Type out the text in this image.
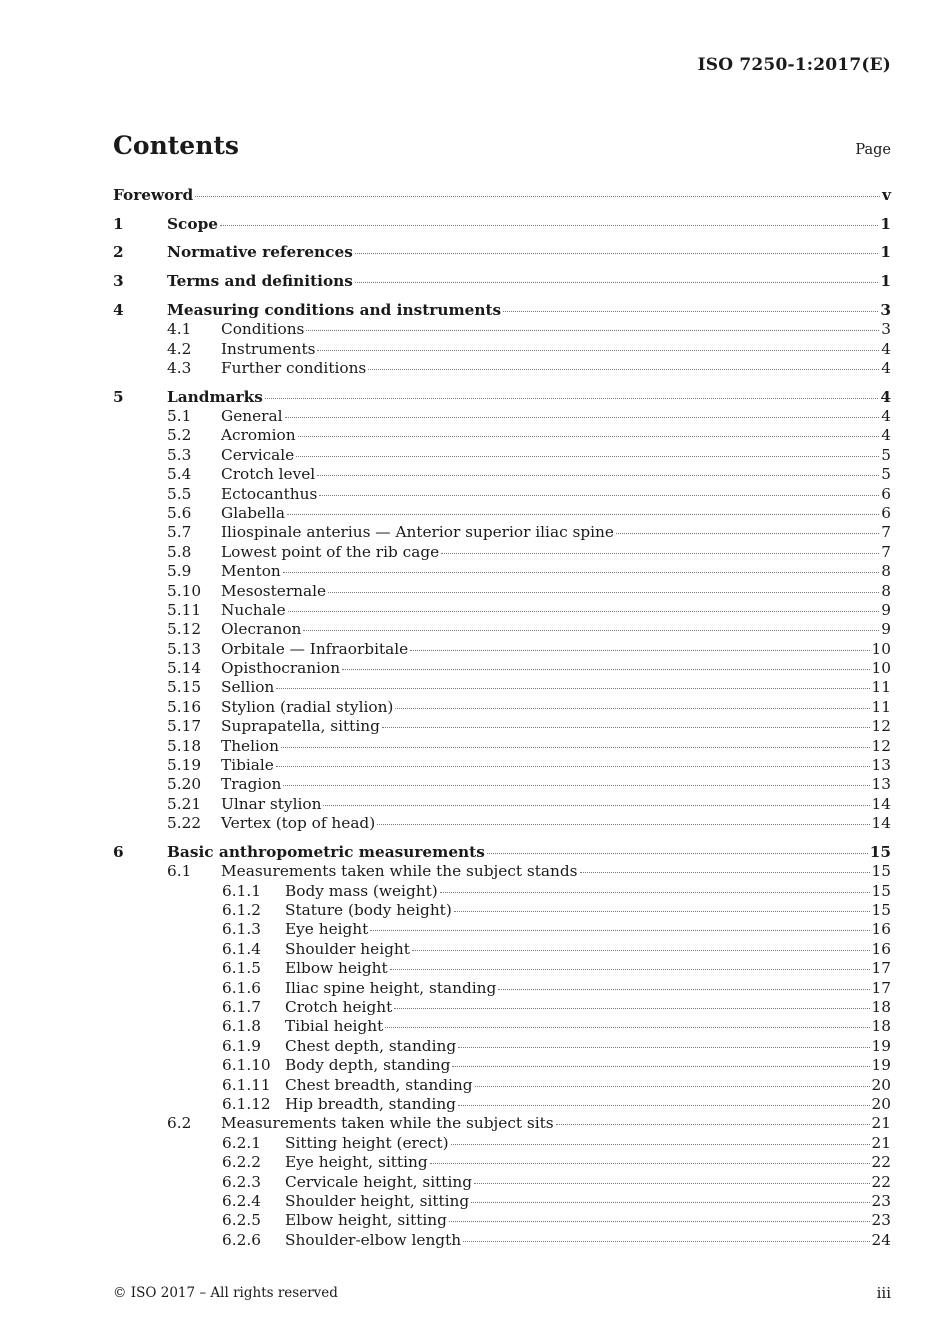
ISO 7250-1:2017(E)
Contents	Page
Foreword	v
1	Scope	1
2	Normative references	1
3	Terms and definitions	1
4	Measuring conditions and instruments	3
4.1	Conditions	3
4.2	Instruments	4
4.3	Further conditions	4
5	Landmarks	4
5.1	General	4
5.2	Acromion	4
5.3	Cervicale	5
5.4	Crotch level	5
5.5	Ectocanthus	6
5.6	Glabella	6
5.7	Iliospinale anterius — Anterior superior iliac spine	7
5.8	Lowest point of the rib cage	7
5.9	Menton	8
5.10	Mesosternale	8
5.11	Nuchale	9
5.12	Olecranon	9
5.13	Orbitale — Infraorbitale	10
5.14	Opisthocranion	10
5.15	Sellion	11
5.16	Stylion (radial stylion)	11
5.17	Suprapatella, sitting	12
5.18	Thelion	12
5.19	Tibiale	13
5.20	Tragion	13
5.21	Ulnar stylion	14
5.22	Vertex (top of head)	14
6	Basic anthropometric measurements	15
6.1	Measurements taken while the subject stands	15
6.1.1	Body mass (weight)	15
6.1.2	Stature (body height)	15
6.1.3	Eye height	16
6.1.4	Shoulder height	16
6.1.5	Elbow height	17
6.1.6	Iliac spine height, standing	17
6.1.7	Crotch height	18
6.1.8	Tibial height	18
6.1.9	Chest depth, standing	19
6.1.10 Body depth, standing	19
6.1.11 Chest breadth, standing	20
6.1.12 Hip breadth, standing	20
6.2	Measurements taken while the subject sits	21
6.2.1	Sitting height (erect)	21
6.2.2	Eye height, sitting	22
6.2.3	Cervicale height, sitting	22
6.2.4	Shoulder height, sitting	23
6.2.5	Elbow height, sitting	23
6.2.6	Shoulder-elbow length	24
© ISO 2017 – All rights reserved	iii
